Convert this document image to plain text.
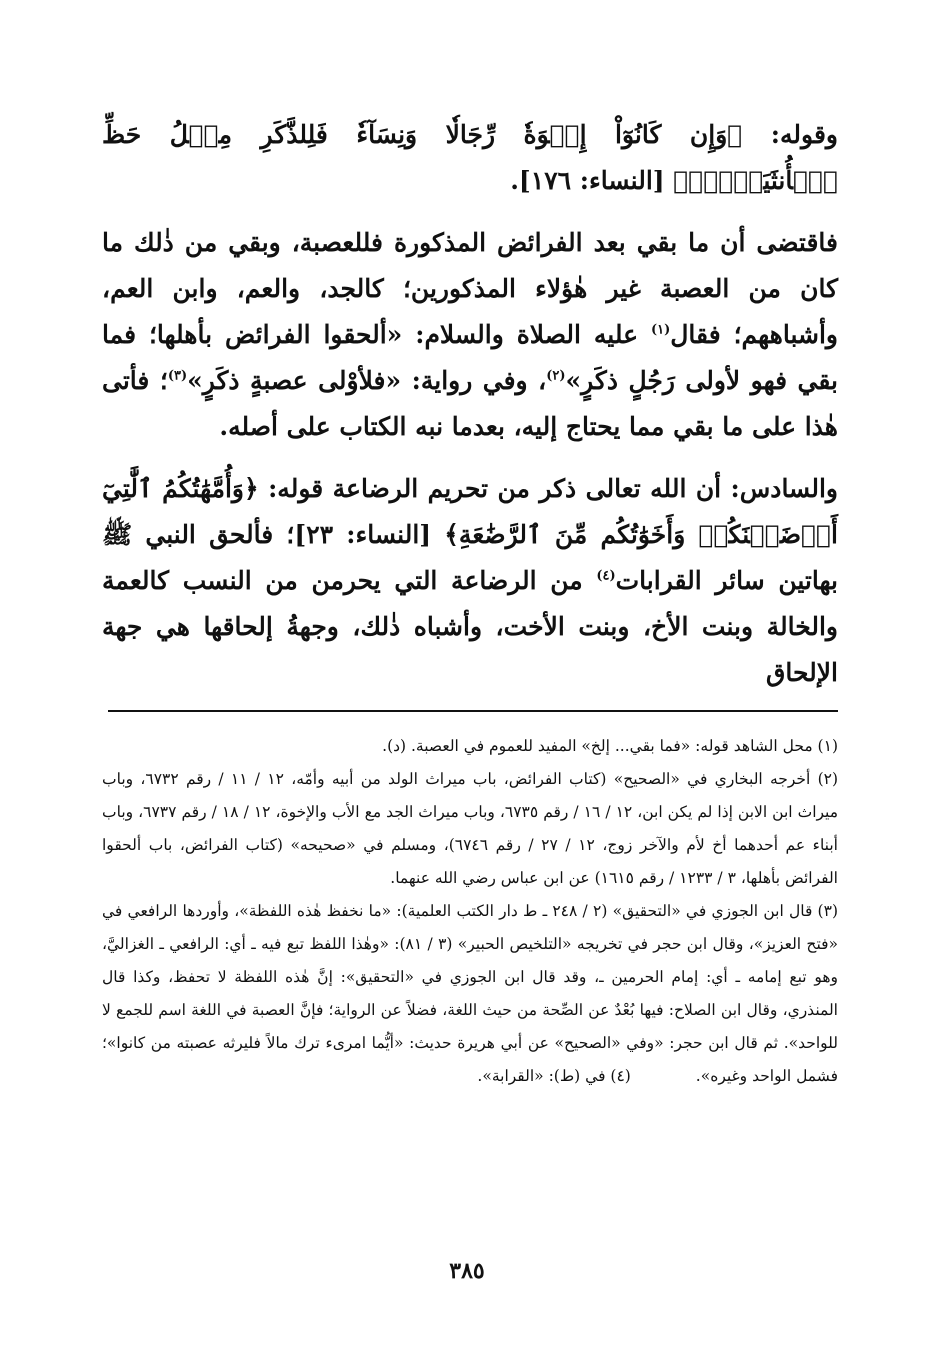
وقوله: ﴿وَإِن كَانُوٓاْ إِخۡوَةٗ رِّجَالٗا وَنِسَآءٗ فَلِلذَّكَرِ مِثۡلُ حَظِّ ٱلۡأُنثَيَيۡنِۗ﴾ [النساء: ١٧٦].

فاقتضى أن ما بقي بعد الفرائض المذكورة فللعصبة، وبقي من ذٰلك ما كان من العصبة غير هٰؤلاء المذكورين؛ كالجد، والعم، وابن العم، وأشباههم؛ فقال$^{(١)}$ عليه الصلاة والسلام: «ألحقوا الفرائض بأهلها؛ فما بقي فهو لأولى رَجُلٍ ذكَرٍ»$^{(٢)}$، وفي رواية: «فلأوْلى عصبةٍ ذكَرٍ»$^{(٣)}$؛ فأتى هٰذا على ما بقي مما يحتاج إليه، بعدما نبه الكتاب على أصله.

والسادس: أن الله تعالى ذكر من تحريم الرضاعة قوله: ﴿وَأُمَّهَٰتُكُمُ ٱلَّٰتِيٓ أَرۡضَعۡنَكُمۡ وَأَخَوَٰتُكُم مِّنَ ٱلرَّضَٰعَةِ﴾ [النساء: ٢٣]؛ فألحق النبي ﷺ بهاتين سائر القرابات$^{(٤)}$ من الرضاعة التي يحرمن من النسب كالعمة والخالة وبنت الأخ، وبنت الأخت، وأشباه ذٰلك، وجهةُ إلحاقها هي جهة الإلحاق

(١) محل الشاهد قوله: «فما بقي... إلخ» المفيد للعموم في العصبة. (د).

(٢) أخرجه البخاري في «الصحيح» (كتاب الفرائض، باب ميراث الولد من أبيه وأمّه، ١٢ / ١١ / رقم ٦٧٣٢، وباب ميراث ابن الابن إذا لم يكن ابن، ١٢ / ١٦ / رقم ٦٧٣٥، وباب ميراث الجد مع الأب والإخوة، ١٢ / ١٨ / رقم ٦٧٣٧، وباب أبناء عم أحدهما أخ لأم والآخر زوج، ١٢ / ٢٧ / رقم ٦٧٤٦)، ومسلم في «صحيحه» (كتاب الفرائض، باب ألحقوا الفرائض بأهلها، ٣ / ١٢٣٣ / رقم ١٦١٥) عن ابن عباس رضي الله عنهما.

(٣) قال ابن الجوزي في «التحقيق» (٢ / ٢٤٨ ـ ط دار الكتب العلمية): «ما نخفظ هٰذه اللفظة»، وأوردها الرافعي في «فتح العزيز»، وقال ابن حجر في تخريجه «التلخيص الحبير» (٣ / ٨١): «وهٰذا اللفظ تبع فيه ـ أي: الرافعي ـ الغزاليَّ، وهو تبع إمامه ـ أي: إمام الحرمين ـ، وقد قال ابن الجوزي في «التحقيق»: إنَّ هٰذه اللفظة لا تحفظ، وكذا قال المنذري، وقال ابن الصلاح: فيها بُعْدٌ عن الصِّحة من حيث اللغة، فضلاً عن الرواية؛ فإنَّ العصبة في اللغة اسم للجمع لا للواحد». ثم قال ابن حجر: «وفي «الصحيح» عن أبي هريرة حديث: «أيُّما امرىء ترك مالاً فليرثه عصبته من كانوا»؛ فشمل الواحد وغيره». (٤) في (ط): «القرابة».

٣٨٥
